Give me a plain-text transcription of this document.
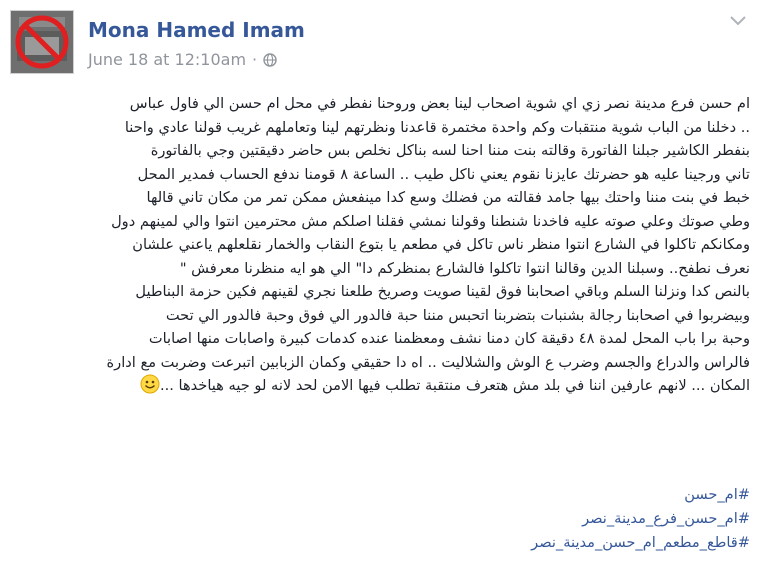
Mona Hamed Imam
June 18 at 12:10am ·
ام حسن فرع مدينة نصر زي اي شوية اصحاب لينا بعض وروحنا نفطر في محل ام حسن الي فاول عباس
.. دخلنا من الباب شوية منتقبات وكم واحدة مختمرة قاعدنا ونظرتهم لينا وتعاملهم غريب قولنا عادي واحنا
بنفطر الكاشير جبلنا الفاتورة وقالته بنت مننا احنا لسه بناكل نخلص بس حاضر دقيقتين وجي بالفاتورة
تاني ورجينا عليه هو حضرتك عايزنا نقوم يعني ناكل طيب .. الساعة ٨ قومنا ندفع الحساب فمدير المحل
خبط في بنت مننا واحتك بيها جامد فقالته من فضلك وسع كدا مينفعش ممكن تمر من مكان تاني قالها
وطي صوتك وعلي صوته عليه فاخدنا شنطنا وقولنا نمشي فقلنا اصلكم مش محترمين انتوا والي لمينهم دول
ومكانكم تاكلوا في الشارع انتوا منظر ناس تاكل في مطعم يا بتوع النقاب والخمار نقلعلهم ياعني علشان
نعرف نطفح.. وسبلنا الدين وقالنا انتوا تاكلوا فالشارع بمنظركم دا" الي هو ايه منظرنا معرفش "
بالنص كدا ونزلنا السلم وباقي اصحابنا فوق لقينا صويت وصريخ طلعنا نجري لقينهم فكين حزمة البناطيل
وبيضربوا في اصحابنا رجالة بشنبات بتضربنا اتحبس مننا حبة فالدور الي فوق وحبة فالدور الي تحت
وحبة برا باب المحل لمدة ٤٨ دقيقة كان دمنا نشف ومعظمنا عنده كدمات كبيرة واصابات منها اصابات
فالراس والدراع والجسم وضرب ع الوش والشلاليت .. اه دا حقيقي وكمان الزبابين اتبرعت وضربت مع ادارة
المكان ... لانهم عارفين اننا في بلد مش هتعرف منتقبة تطلب فيها الامن لحد لانه لو جيه هياخدها ...
#ام_حسن
#ام_حسن_فرع_مدينة_نصر
#قاطع_مطعم_ام_حسن_مدينة_نصر
